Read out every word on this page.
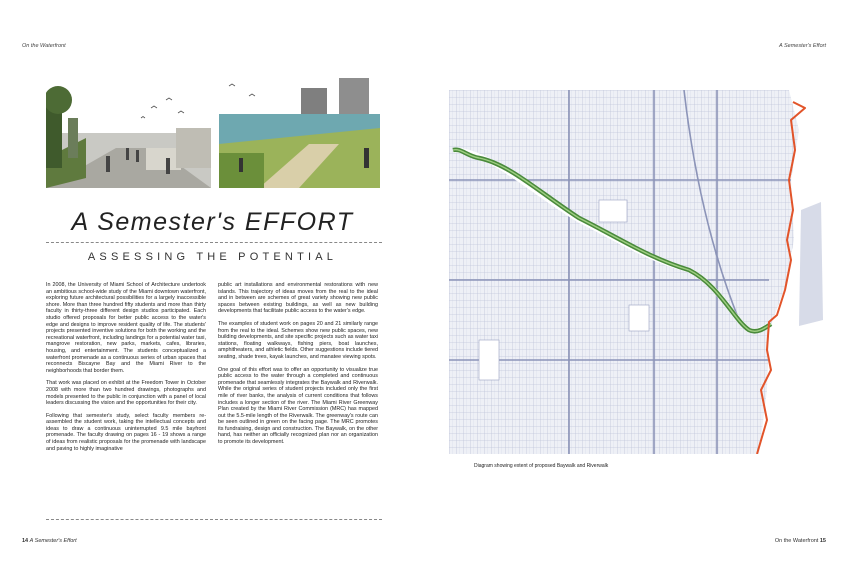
On the Waterfront	A Semester's Effort
A Semester's EFFORT
ASSESSING THE POTENTIAL

In 2008, the University of Miami School of Architecture undertook an ambitious school-wide study of the Miami downtown waterfront, exploring future architectural possibilities for a largely inaccessible shore. More than three hundred fifty students and more than thirty faculty in thirty-three different design studios participated. Each studio offered proposals for better public access to the water's edge and designs to improve resident quality of life. The students' projects presented inventive solutions for both the working and the recreational waterfront, including landings for a potential water taxi, mangrove restoration, new parks, markets, cafes, libraries, housing, and entertainment. The students conceptualized a waterfront promenade as a continuous series of urban spaces that reconnects Biscayne Bay and the Miami River to the neighborhoods that border them.

That work was placed on exhibit at the Freedom Tower in October 2008 with more than two hundred drawings, photographs and models presented to the public in conjunction with a panel of local leaders discussing the vision and the opportunities for their city.

Following that semester's study, select faculty members re-assembled the student work, taking the intellectual concepts and ideas to draw a continuous uninterrupted 9.5 mile bayfront promenade. The faculty drawing on pages 16 - 19 shows a range of ideas from realistic proposals for the promenade with landscape and paving to highly imaginative

public art installations and environmental restorations with new islands. This trajectory of ideas moves from the real to the ideal and in between are schemes of great variety showing new public spaces between existing buildings, as well as new building developments that facilitate public access to the water's edge.

The examples of student work on pages 20 and 21 similarly range from the real to the ideal. Schemes show new public spaces, new building developments, and site specific projects such as water taxi stations, floating walkways, fishing piers, boat launches, amphitheaters, and athletic fields. Other suggestions include tiered seating, shade trees, kayak launches, and manatee viewing spots.

One goal of this effort was to offer an opportunity to visualize true public access to the water through a completed and continuous promenade that seamlessly integrates the Baywalk and Riverwalk. While the original series of student projects included only the first mile of river banks, the analysis of current conditions that follows includes a longer section of the river. The Miami River Greenway Plan created by the Miami River Commission (MRC) has mapped out the 5.5-mile length of the Riverwalk. The greenway's route can be seen outlined in green on the facing page. The MRC promotes its fundraising, design and construction. The Baywalk, on the other hand, has neither an officially recognized plan nor an organization to promote its development.

Diagram showing extent of proposed Baywalk and Riverwalk
14 A Semester's Effort	On the Waterfront 15
